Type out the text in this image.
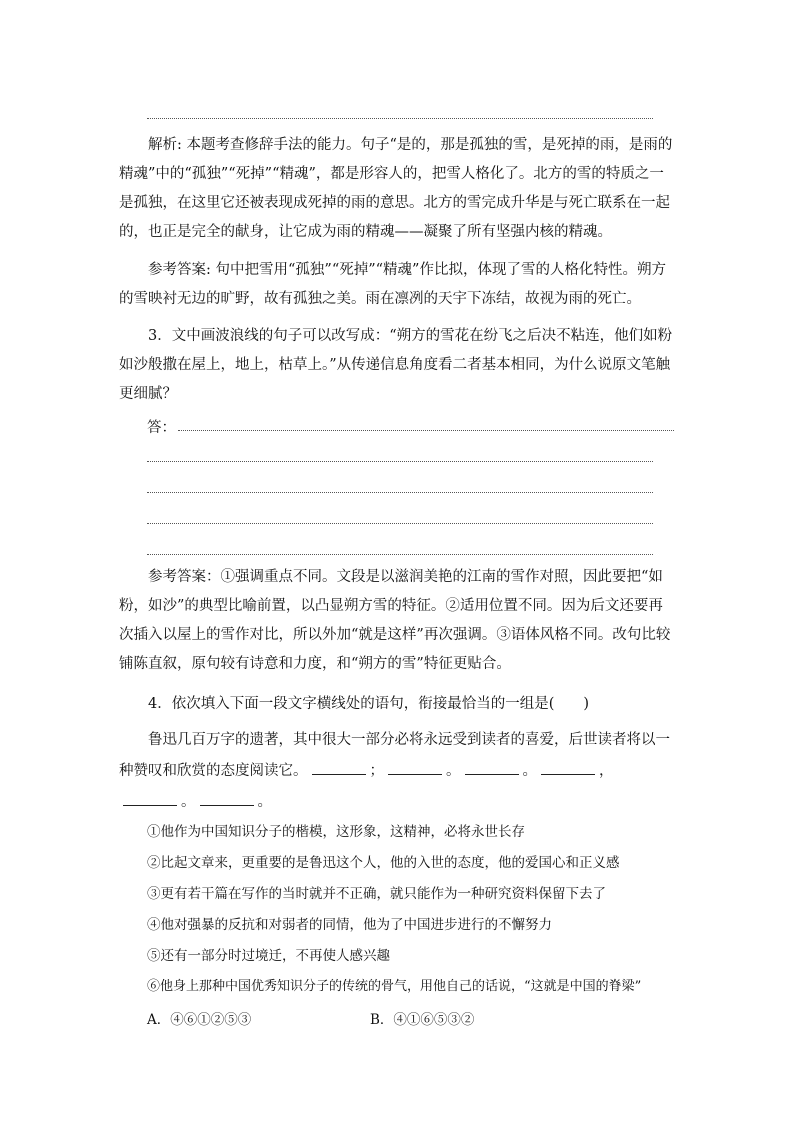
解析: 本题考查修辞手法的能力。句子“是的，那是孤独的雪，是死掉的雨，是雨的精魂”中的“孤独”“死掉”“精魂”，都是形容人的，把雪人格化了。北方的雪的特质之一是孤独，在这里它还被表现成死掉的雨的意思。北方的雪完成升华是与死亡联系在一起的，也正是完全的献身，让它成为雨的精魂——凝聚了所有坚强内核的精魂。

参考答案: 句中把雪用“孤独”“死掉”“精魂”作比拟，体现了雪的人格化特性。朔方的雪映衬无边的旷野，故有孤独之美。雨在凛冽的天宇下冻结，故视为雨的死亡。

3．文中画波浪线的句子可以改写成：“朔方的雪花在纷飞之后决不粘连，他们如粉如沙般撒在屋上，地上，枯草上。”从传递信息角度看二者基本相同，为什么说原文笔触更细腻？

答：

参考答案：①强调重点不同。文段是以滋润美艳的江南的雪作对照，因此要把“如粉，如沙”的典型比喻前置，以凸显朔方雪的特征。②适用位置不同。因为后文还要再次插入以屋上的雪作对比，所以外加“就是这样”再次强调。③语体风格不同。改句比较铺陈直叙，原句较有诗意和力度，和“朔方的雪”特征更贴合。

4．依次填入下面一段文字横线处的语句，衔接最恰当的一组是(　　)

鲁迅几百万字的遗著，其中很大一部分必将永远受到读者的喜爱，后世读者将以一种赞叹和欣赏的态度阅读它。	；	。	。	，。	。

①他作为中国知识分子的楷模，这形象，这精神，必将永世长存
②比起文章来，更重要的是鲁迅这个人，他的入世的态度，他的爱国心和正义感
③更有若干篇在写作的当时就并不正确，就只能作为一种研究资料保留下去了
④他对强暴的反抗和对弱者的同情，他为了中国进步进行的不懈努力
⑤还有一部分时过境迁，不再使人感兴趣
⑥他身上那种中国优秀知识分子的传统的骨气，用他自己的话说，“这就是中国的脊梁”
A．④⑥①②⑤③	B．④①⑥⑤③②
